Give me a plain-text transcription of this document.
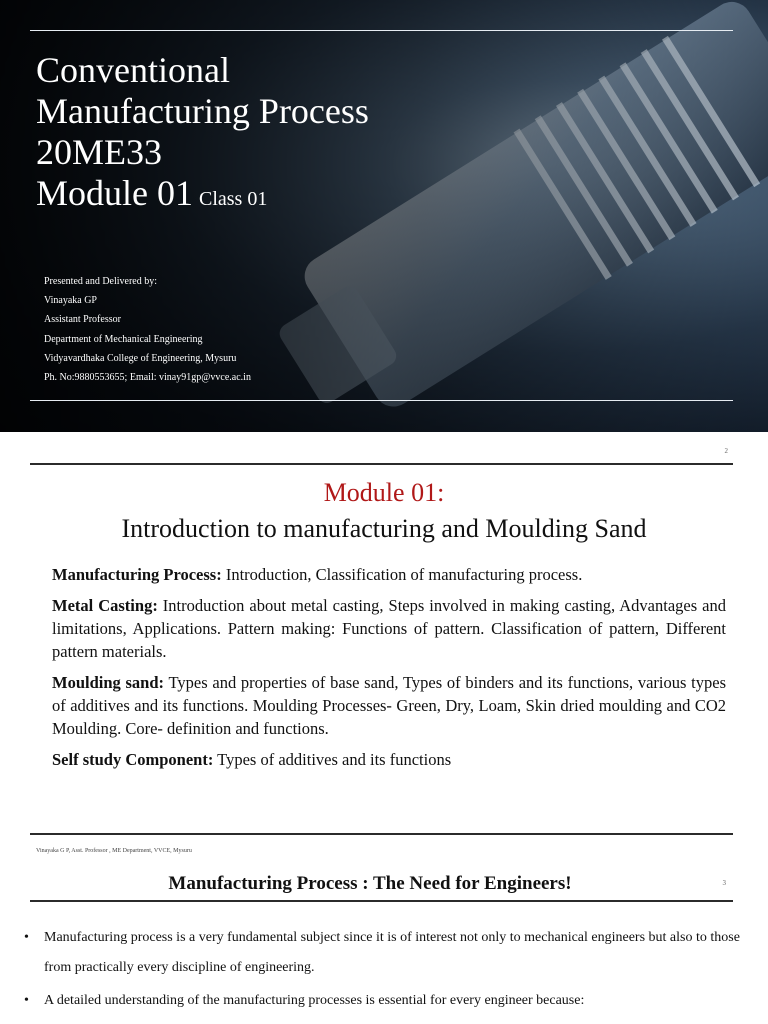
Conventional
Manufacturing Process
20ME33
Module 01 Class 01
Presented and Delivered by:
Vinayaka GP
Assistant Professor
Department of Mechanical Engineering
Vidyavardhaka College of Engineering, Mysuru
Ph. No:9880553655; Email: vinay91gp@vvce.ac.in
2
Module 01:
Introduction to manufacturing and Moulding Sand

Manufacturing Process: Introduction, Classification of manufacturing process.

Metal Casting: Introduction about metal casting, Steps involved in making casting, Advantages and limitations, Applications. Pattern making: Functions of pattern. Classification of pattern, Different pattern materials.

Moulding sand: Types and properties of base sand, Types of binders and its functions, various types of additives and its functions. Moulding Processes- Green, Dry, Loam, Skin dried moulding and CO2 Moulding. Core- definition and functions.

Self study Component: Types of additives and its functions

Vinayaka G P, Asst. Professor , ME Department, VVCE, Mysuru
Manufacturing Process : The Need for Engineers!	3
• Manufacturing process is a very fundamental subject since it is of interest not only to mechanical engineers but also to those from practically every discipline of engineering.
• A detailed understanding of the manufacturing processes is essential for every engineer because:
